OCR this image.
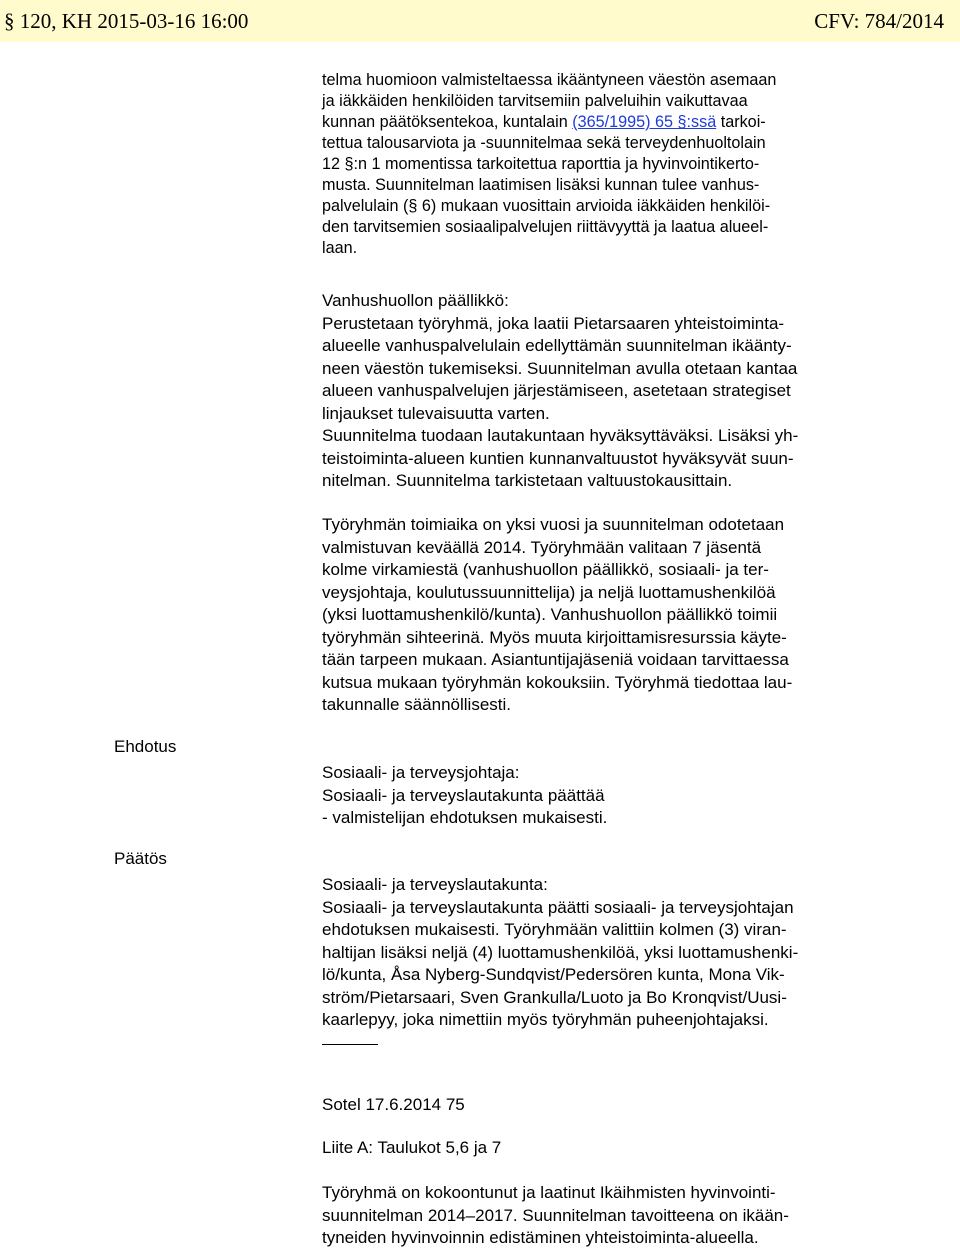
§ 120, KH 2015-03-16 16:00	CFV: 784/2014
telma huomioon valmisteltaessa ikääntyneen väestön asemaan
ja iäkkäiden henkilöiden tarvitsemiin palveluihin vaikuttavaa
kunnan päätöksentekoa, kuntalain (365/1995) 65 §:ssä tarkoi-
tettua talousarviota ja -suunnitelmaa sekä terveydenhuoltolain
12 §:n 1 momentissa tarkoitettua raporttia ja hyvinvointikerto-
musta. Suunnitelman laatimisen lisäksi kunnan tulee vanhus-
palvelulain (§ 6) mukaan vuosittain arvioida iäkkäiden henkilöi-
den tarvitsemien sosiaalipalvelujen riittävyyttä ja laatua alueel-
laan.
Vanhushuollon päällikkö:
Perustetaan työryhmä, joka laatii Pietarsaaren yhteistoiminta-
alueelle vanhuspalvelulain edellyttämän suunnitelman ikäänty-
neen väestön tukemiseksi. Suunnitelman avulla otetaan kantaa
alueen vanhuspalvelujen järjestämiseen, asetetaan strategiset
linjaukset tulevaisuutta varten.
Suunnitelma tuodaan lautakuntaan hyväksyttäväksi. Lisäksi yh-
teistoiminta-alueen kuntien kunnanvaltuustot hyväksyvät suun-
nitelman. Suunnitelma tarkistetaan valtuustokausittain.
Työryhmän toimiaika on yksi vuosi ja suunnitelman odotetaan
valmistuvan keväällä 2014. Työryhmään valitaan 7 jäsentä
kolme virkamiestä (vanhushuollon päällikkö, sosiaali- ja ter-
veysjohtaja, koulutussuunnittelija) ja neljä luottamushenkilöä
(yksi luottamushenkilö/kunta). Vanhushuollon päällikkö toimii
työryhmän sihteerinä. Myös muuta kirjoittamisresurssia käyte-
tään tarpeen mukaan. Asiantuntijajäseniä voidaan tarvittaessa
kutsua mukaan työryhmän kokouksiin. Työryhmä tiedottaa lau-
takunnalle säännöllisesti.
Ehdotus
Päätös
Sosiaali- ja terveysjohtaja:
Sosiaali- ja terveyslautakunta päättää
- valmistelijan ehdotuksen mukaisesti.
Sosiaali- ja terveyslautakunta:
Sosiaali- ja terveyslautakunta päätti sosiaali- ja terveysjohtajan
ehdotuksen mukaisesti. Työryhmään valittiin kolmen (3) viran-
haltijan lisäksi neljä (4) luottamushenkilöä, yksi luottamushenki-
lö/kunta, Åsa Nyberg-Sundqvist/Pedersören kunta, Mona Vik-
ström/Pietarsaari, Sven Grankulla/Luoto ja Bo Kronqvist/Uusi-
kaarlepyy, joka nimettiin myös työryhmän puheenjohtajaksi.
Sotel 17.6.2014 75
Liite A: Taulukot 5,6 ja 7
Työryhmä on kokoontunut ja laatinut Ikäihmisten hyvinvointi-
suunnitelman 2014–2017. Suunnitelman tavoitteena on ikään-
tyneiden hyvinvoinnin edistäminen yhteistoiminta-alueella.
